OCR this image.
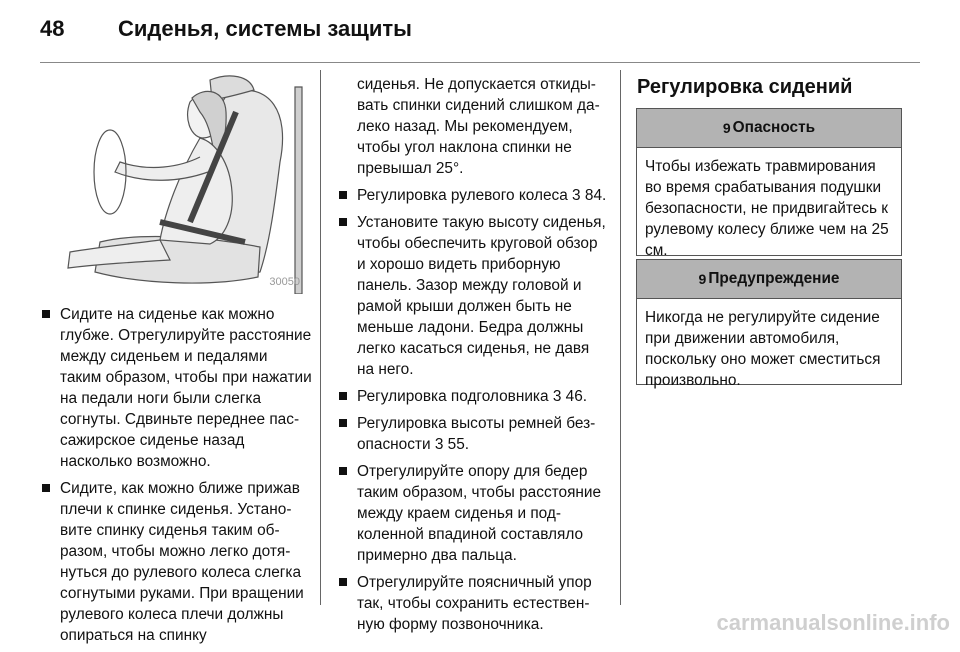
48 Сиденья, системы защиты
30050

Сидите на сиденье как можно глубже. Отрегулируйте расстояние между сиденьем и педалями таким образом, чтобы при нажатии на педали ноги были слегка согнуты. Сдвиньте переднее пассажирское сиденье назад насколько возможно.

Сидите, как можно ближе прижав плечи к спинке сиденья. Установите спинку сиденья таким образом, чтобы можно легко дотянуться до рулевого колеса слегка согнутыми руками. При вращении рулевого колеса плечи должны опираться на спинку

сиденья. Не допускается откидывать спинки сидений слишком далеко назад. Мы рекомендуем, чтобы угол наклона спинки не превышал 25°.

Регулировка рулевого колеса 3 84.

Установите такую высоту сиденья, чтобы обеспечить круговой обзор и хорошо видеть приборную панель. Зазор между головой и рамой крыши должен быть не меньше ладони. Бедра должны легко касаться сиденья, не давя на него.

Регулировка подголовника 3 46.

Регулировка высоты ремней безопасности 3 55.

Отрегулируйте опору для бедер таким образом, чтобы расстояние между краем сиденья и подколенной впадиной составляло примерно два пальца.

Отрегулируйте поясничный упор так, чтобы сохранить естественную форму позвоночника.

Регулировка сидений
9 Опасность
Чтобы избежать травмирования во время срабатывания подушки безопасности, не придвигайтесь к рулевому колесу ближе чем на 25 см.
9 Предупреждение
Никогда не регулируйте сидение при движении автомобиля, поскольку оно может сместиться произвольно.
carmanualsonline.info
